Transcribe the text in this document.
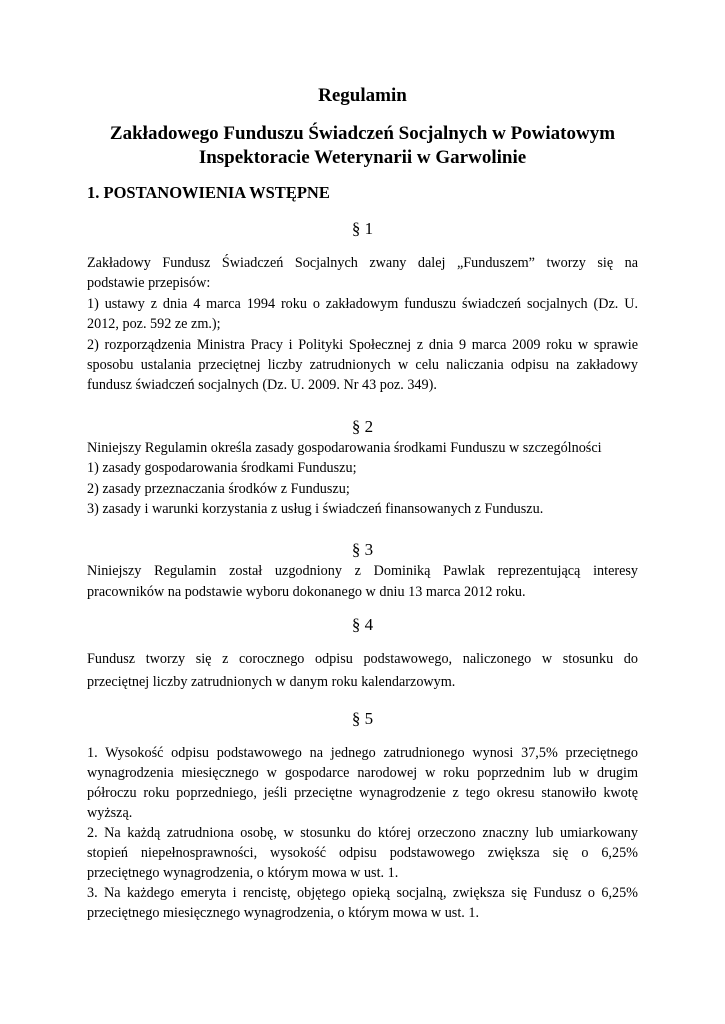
Regulamin

Zakładowego Funduszu Świadczeń Socjalnych w Powiatowym
Inspektoracie Weterynarii w Garwolinie

1. POSTANOWIENIA WSTĘPNE

§ 1

Zakładowy Fundusz Świadczeń Socjalnych zwany dalej „Funduszem” tworzy się na
podstawie przepisów:
1) ustawy z dnia 4 marca 1994 roku o zakładowym funduszu świadczeń socjalnych (Dz. U.
2012, poz. 592 ze zm.);
2) rozporządzenia Ministra Pracy i Polityki Społecznej z dnia 9 marca 2009 roku w sprawie
sposobu ustalania przeciętnej liczby zatrudnionych w celu naliczania odpisu na zakładowy
fundusz świadczeń socjalnych (Dz. U. 2009. Nr 43 poz. 349).

§ 2

Niniejszy Regulamin określa zasady gospodarowania środkami Funduszu w szczególności
1) zasady gospodarowania środkami Funduszu;
2) zasady przeznaczania środków z Funduszu;
3) zasady i warunki korzystania z usług i świadczeń finansowanych z Funduszu.

§ 3

Niniejszy Regulamin został uzgodniony z Dominiką Pawlak reprezentującą interesy
pracowników na podstawie wyboru dokonanego w dniu 13 marca 2012 roku.

§ 4

Fundusz tworzy się z corocznego odpisu podstawowego, naliczonego w stosunku do
przeciętnej liczby zatrudnionych w danym roku kalendarzowym.

§ 5

1. Wysokość odpisu podstawowego na jednego zatrudnionego wynosi 37,5% przeciętnego
wynagrodzenia miesięcznego w gospodarce narodowej w roku poprzednim lub w drugim
półroczu roku poprzedniego, jeśli przeciętne wynagrodzenie z tego okresu stanowiło kwotę
wyższą.
2. Na każdą zatrudniona osobę, w stosunku do której orzeczono znaczny lub umiarkowany
stopień niepełnosprawności, wysokość odpisu podstawowego zwiększa się o 6,25%
przeciętnego wynagrodzenia, o którym mowa w ust. 1.
3. Na każdego emeryta i rencistę, objętego opieką socjalną, zwiększa się Fundusz o 6,25%
przeciętnego miesięcznego wynagrodzenia, o którym mowa w ust. 1.
